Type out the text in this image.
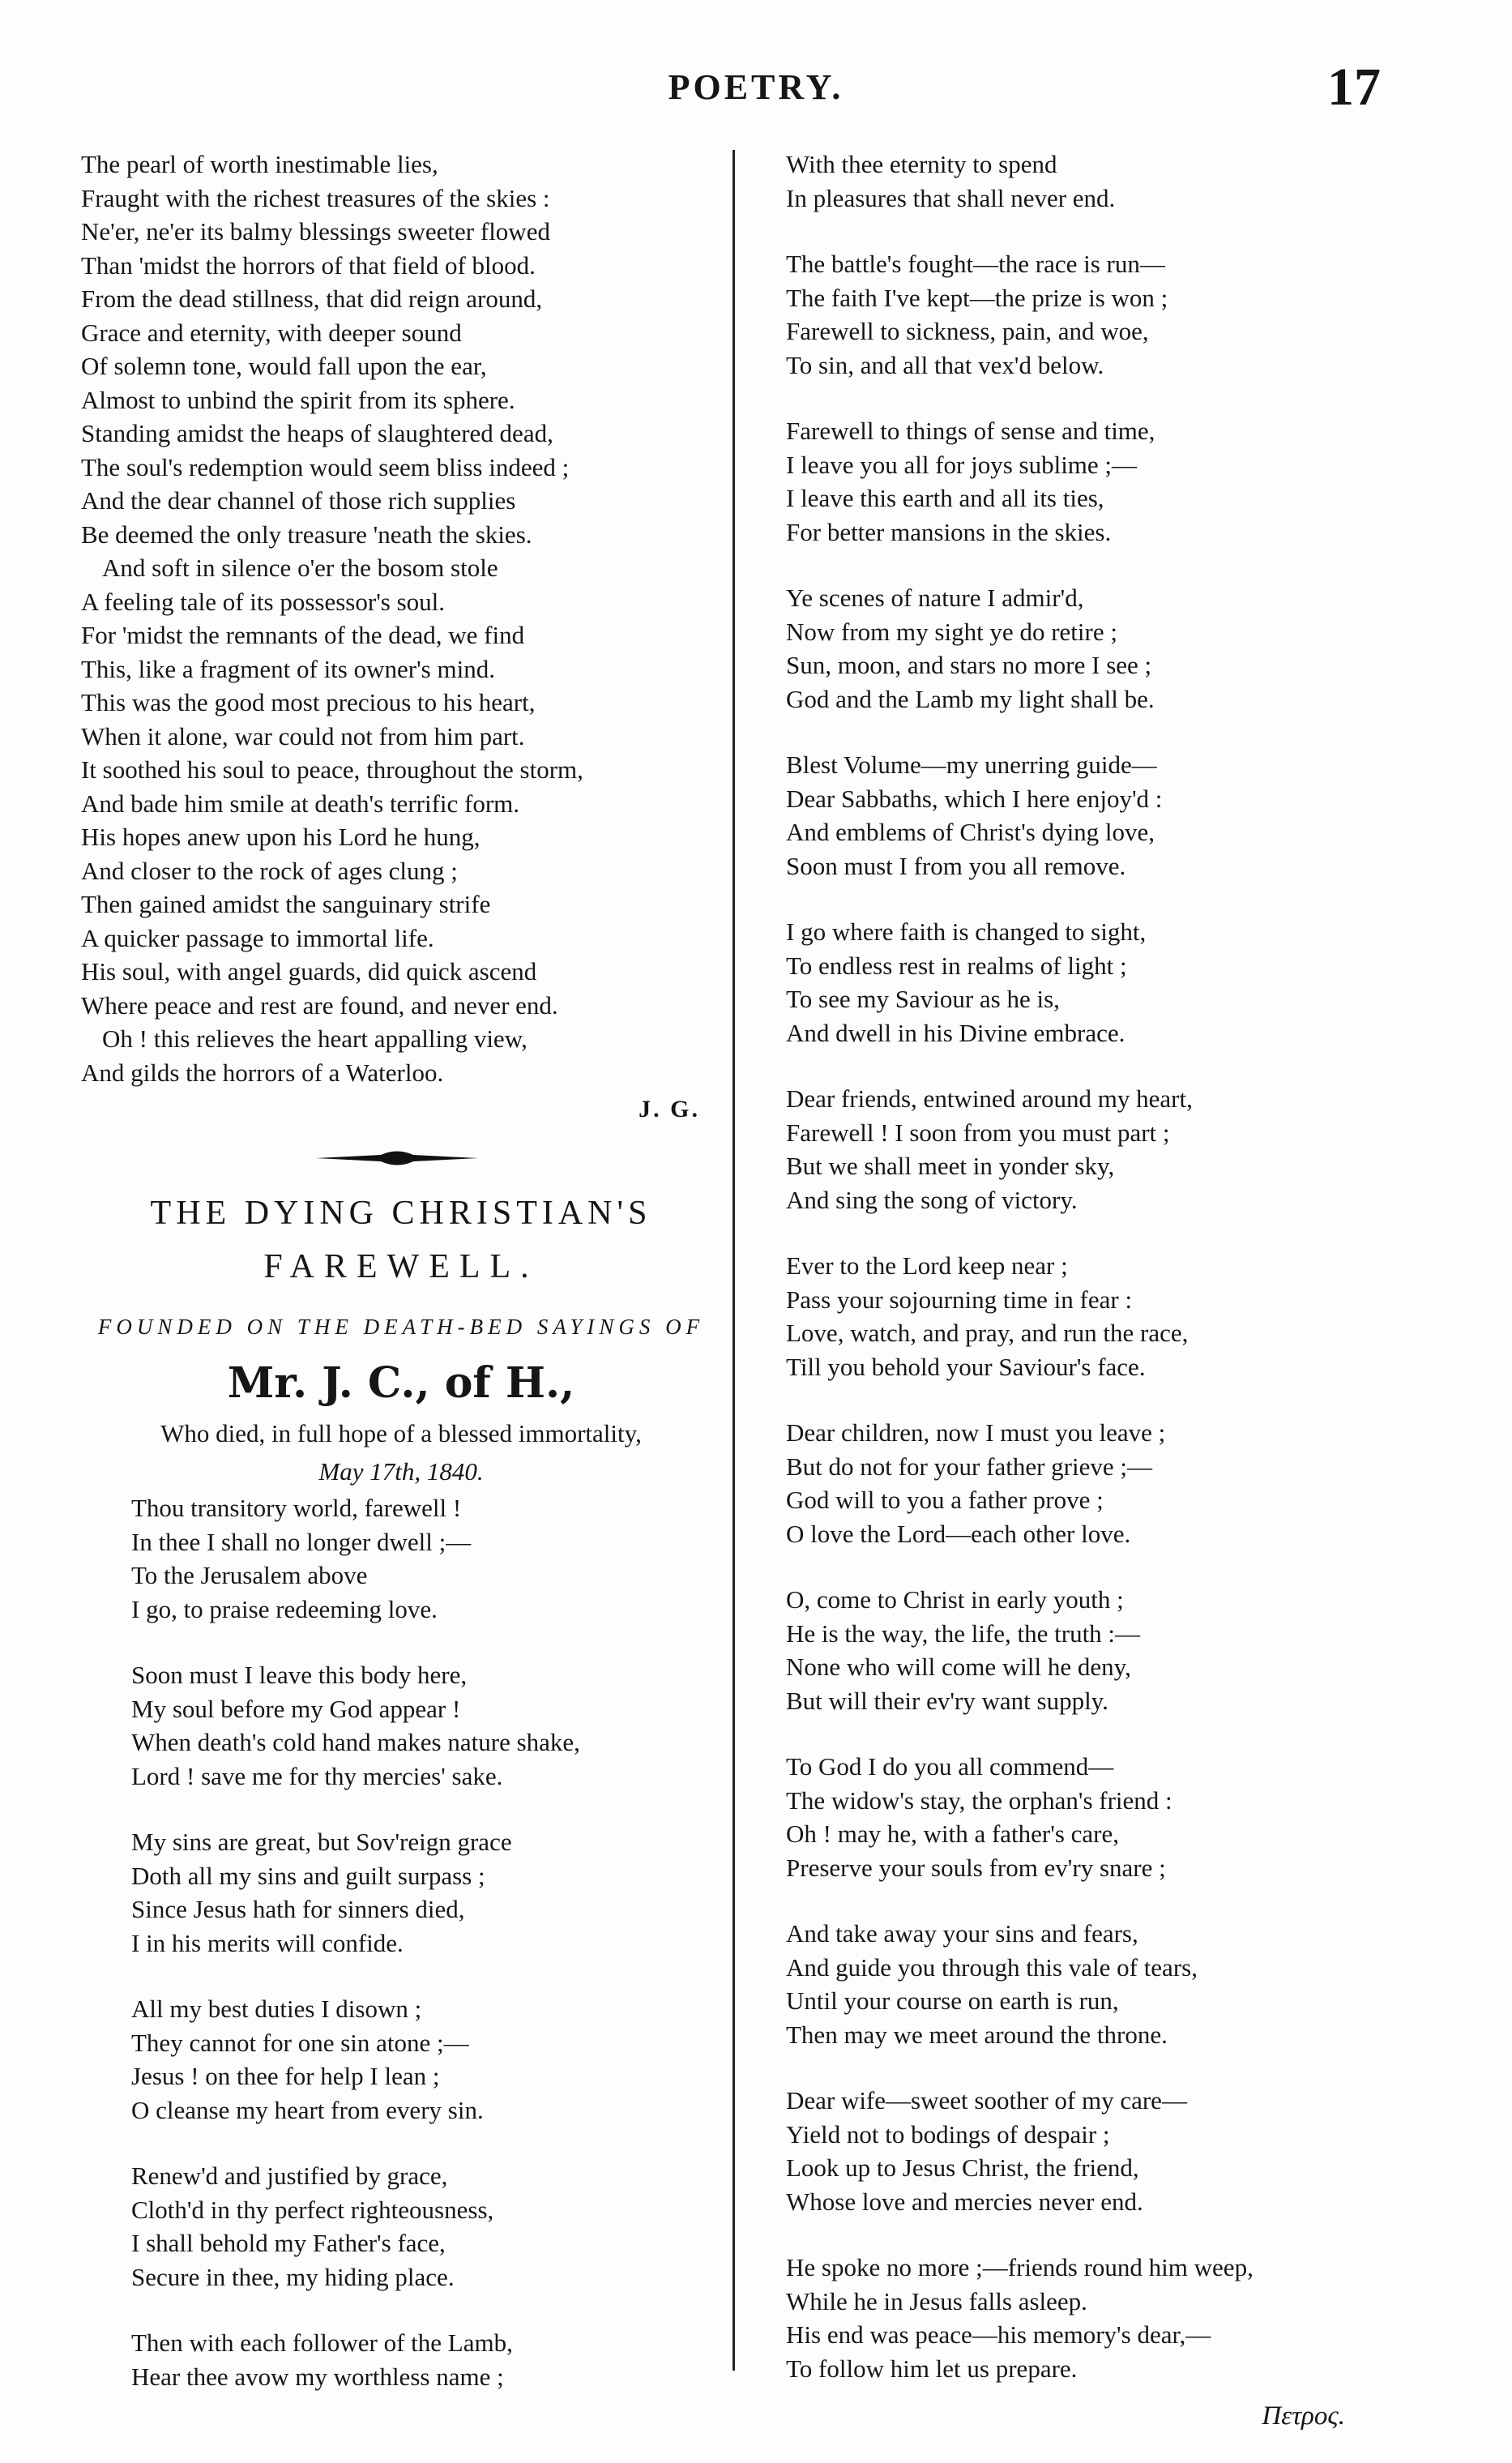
POETRY.	17
The pearl of worth inestimable lies,
Fraught with the richest treasures of the skies :
Ne'er, ne'er its balmy blessings sweeter flowed
Than 'midst the horrors of that field of blood.
From the dead stillness, that did reign around,
Grace and eternity, with deeper sound
Of solemn tone, would fall upon the ear,
Almost to unbind the spirit from its sphere.
Standing amidst the heaps of slaughtered dead,
The soul's redemption would seem bliss indeed ;
And the dear channel of those rich supplies
Be deemed the only treasure 'neath the skies.
And soft in silence o'er the bosom stole
A feeling tale of its possessor's soul.
For 'midst the remnants of the dead, we find
This, like a fragment of its owner's mind.
This was the good most precious to his heart,
When it alone, war could not from him part.
It soothed his soul to peace, throughout the storm,
And bade him smile at death's terrific form.
His hopes anew upon his Lord he hung,
And closer to the rock of ages clung ;
Then gained amidst the sanguinary strife
A quicker passage to immortal life.
His soul, with angel guards, did quick ascend
Where peace and rest are found, and never end.
Oh ! this relieves the heart appalling view,
And gilds the horrors of a Waterloo.
J. G.
THE DYING CHRISTIAN'S
FAREWELL.
FOUNDED ON THE DEATH-BED SAYINGS OF
Mr. J. C., of H.,
Who died, in full hope of a blessed immortality,
May 17th, 1840.
Thou transitory world, farewell !
In thee I shall no longer dwell ;—
To the Jerusalem above
I go, to praise redeeming love.
Soon must I leave this body here,
My soul before my God appear !
When death's cold hand makes nature shake,
Lord ! save me for thy mercies' sake.
My sins are great, but Sov'reign grace
Doth all my sins and guilt surpass ;
Since Jesus hath for sinners died,
I in his merits will confide.
All my best duties I disown ;
They cannot for one sin atone ;—
Jesus ! on thee for help I lean ;
O cleanse my heart from every sin.
Renew'd and justified by grace,
Cloth'd in thy perfect righteousness,
I shall behold my Father's face,
Secure in thee, my hiding place.
Then with each follower of the Lamb,
Hear thee avow my worthless name ;
With thee eternity to spend
In pleasures that shall never end.
The battle's fought—the race is run—
The faith I've kept—the prize is won ;
Farewell to sickness, pain, and woe,
To sin, and all that vex'd below.
Farewell to things of sense and time,
I leave you all for joys sublime ;—
I leave this earth and all its ties,
For better mansions in the skies.
Ye scenes of nature I admir'd,
Now from my sight ye do retire ;
Sun, moon, and stars no more I see ;
God and the Lamb my light shall be.
Blest Volume—my unerring guide—
Dear Sabbaths, which I here enjoy'd :
And emblems of Christ's dying love,
Soon must I from you all remove.
I go where faith is changed to sight,
To endless rest in realms of light ;
To see my Saviour as he is,
And dwell in his Divine embrace.
Dear friends, entwined around my heart,
Farewell ! I soon from you must part ;
But we shall meet in yonder sky,
And sing the song of victory.
Ever to the Lord keep near ;
Pass your sojourning time in fear :
Love, watch, and pray, and run the race,
Till you behold your Saviour's face.
Dear children, now I must you leave ;
But do not for your father grieve ;—
God will to you a father prove ;
O love the Lord—each other love.
O, come to Christ in early youth ;
He is the way, the life, the truth :—
None who will come will he deny,
But will their ev'ry want supply.
To God I do you all commend—
The widow's stay, the orphan's friend :
Oh ! may he, with a father's care,
Preserve your souls from ev'ry snare ;
And take away your sins and fears,
And guide you through this vale of tears,
Until your course on earth is run,
Then may we meet around the throne.
Dear wife—sweet soother of my care—
Yield not to bodings of despair ;
Look up to Jesus Christ, the friend,
Whose love and mercies never end.
He spoke no more ;—friends round him weep,
While he in Jesus falls asleep.
His end was peace—his memory's dear,—
To follow him let us prepare.
Πετρος.
